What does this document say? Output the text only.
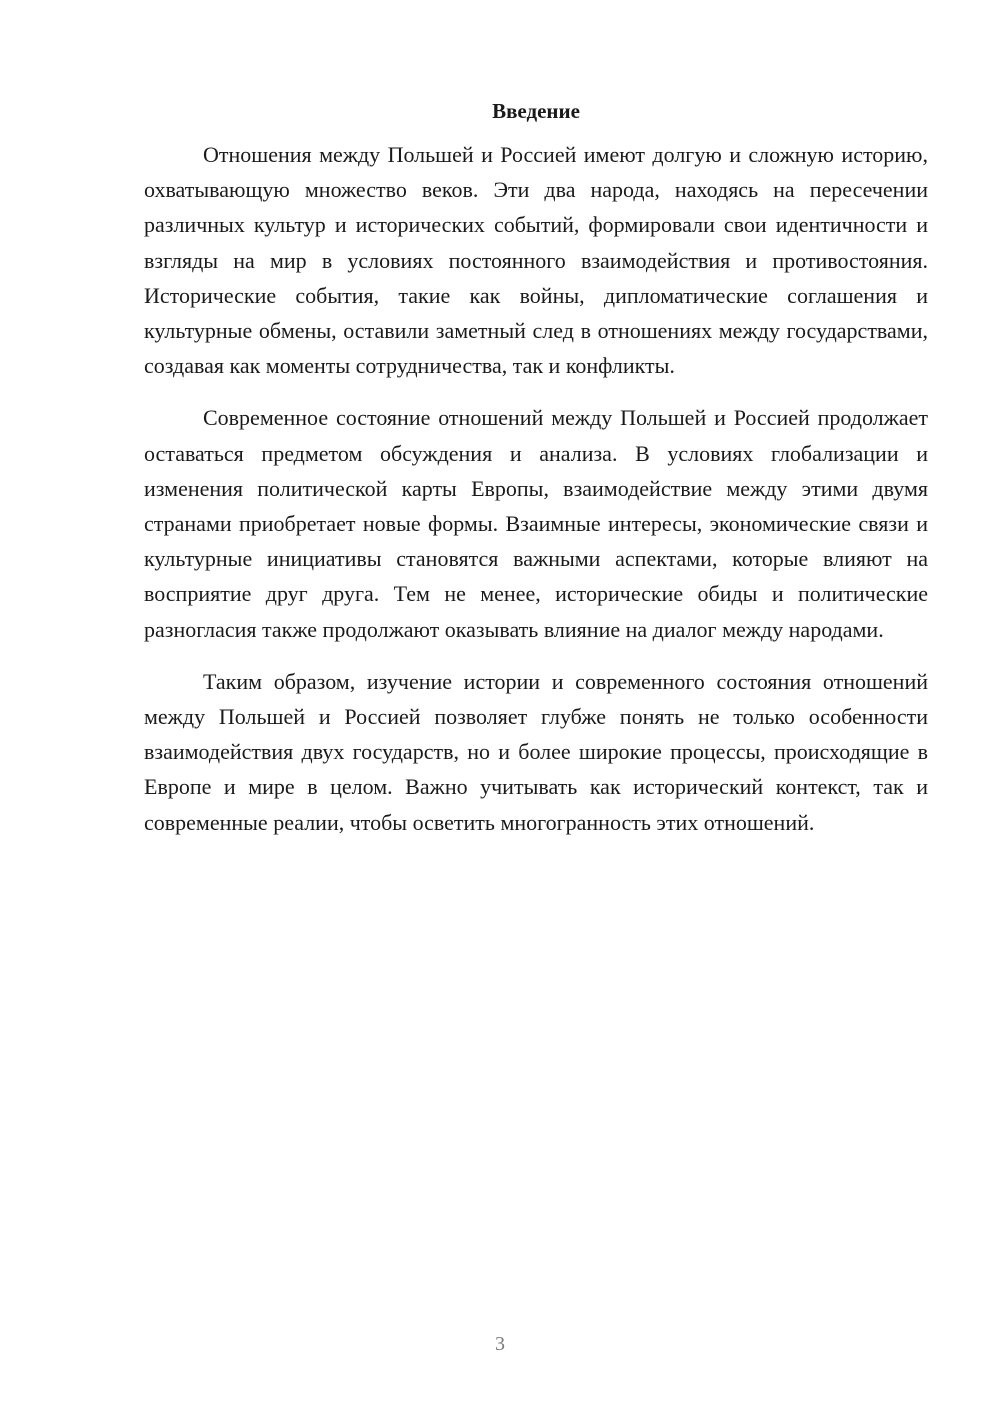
Введение

Отношения между Польшей и Россией имеют долгую и сложную историю, охватывающую множество веков. Эти два народа, находясь на пересечении различных культур и исторических событий, формировали свои идентичности и взгляды на мир в условиях постоянного взаимодействия и противостояния. Исторические события, такие как войны, дипломатические соглашения и культурные обмены, оставили заметный след в отношениях между государствами, создавая как моменты сотрудничества, так и конфликты.

Современное состояние отношений между Польшей и Россией продолжает оставаться предметом обсуждения и анализа. В условиях глобализации и изменения политической карты Европы, взаимодействие между этими двумя странами приобретает новые формы. Взаимные интересы, экономические связи и культурные инициативы становятся важными аспектами, которые влияют на восприятие друг друга. Тем не менее, исторические обиды и политические разногласия также продолжают оказывать влияние на диалог между народами.

Таким образом, изучение истории и современного состояния отношений между Польшей и Россией позволяет глубже понять не только особенности взаимодействия двух государств, но и более широкие процессы, происходящие в Европе и мире в целом. Важно учитывать как исторический контекст, так и современные реалии, чтобы осветить многогранность этих отношений.

3
